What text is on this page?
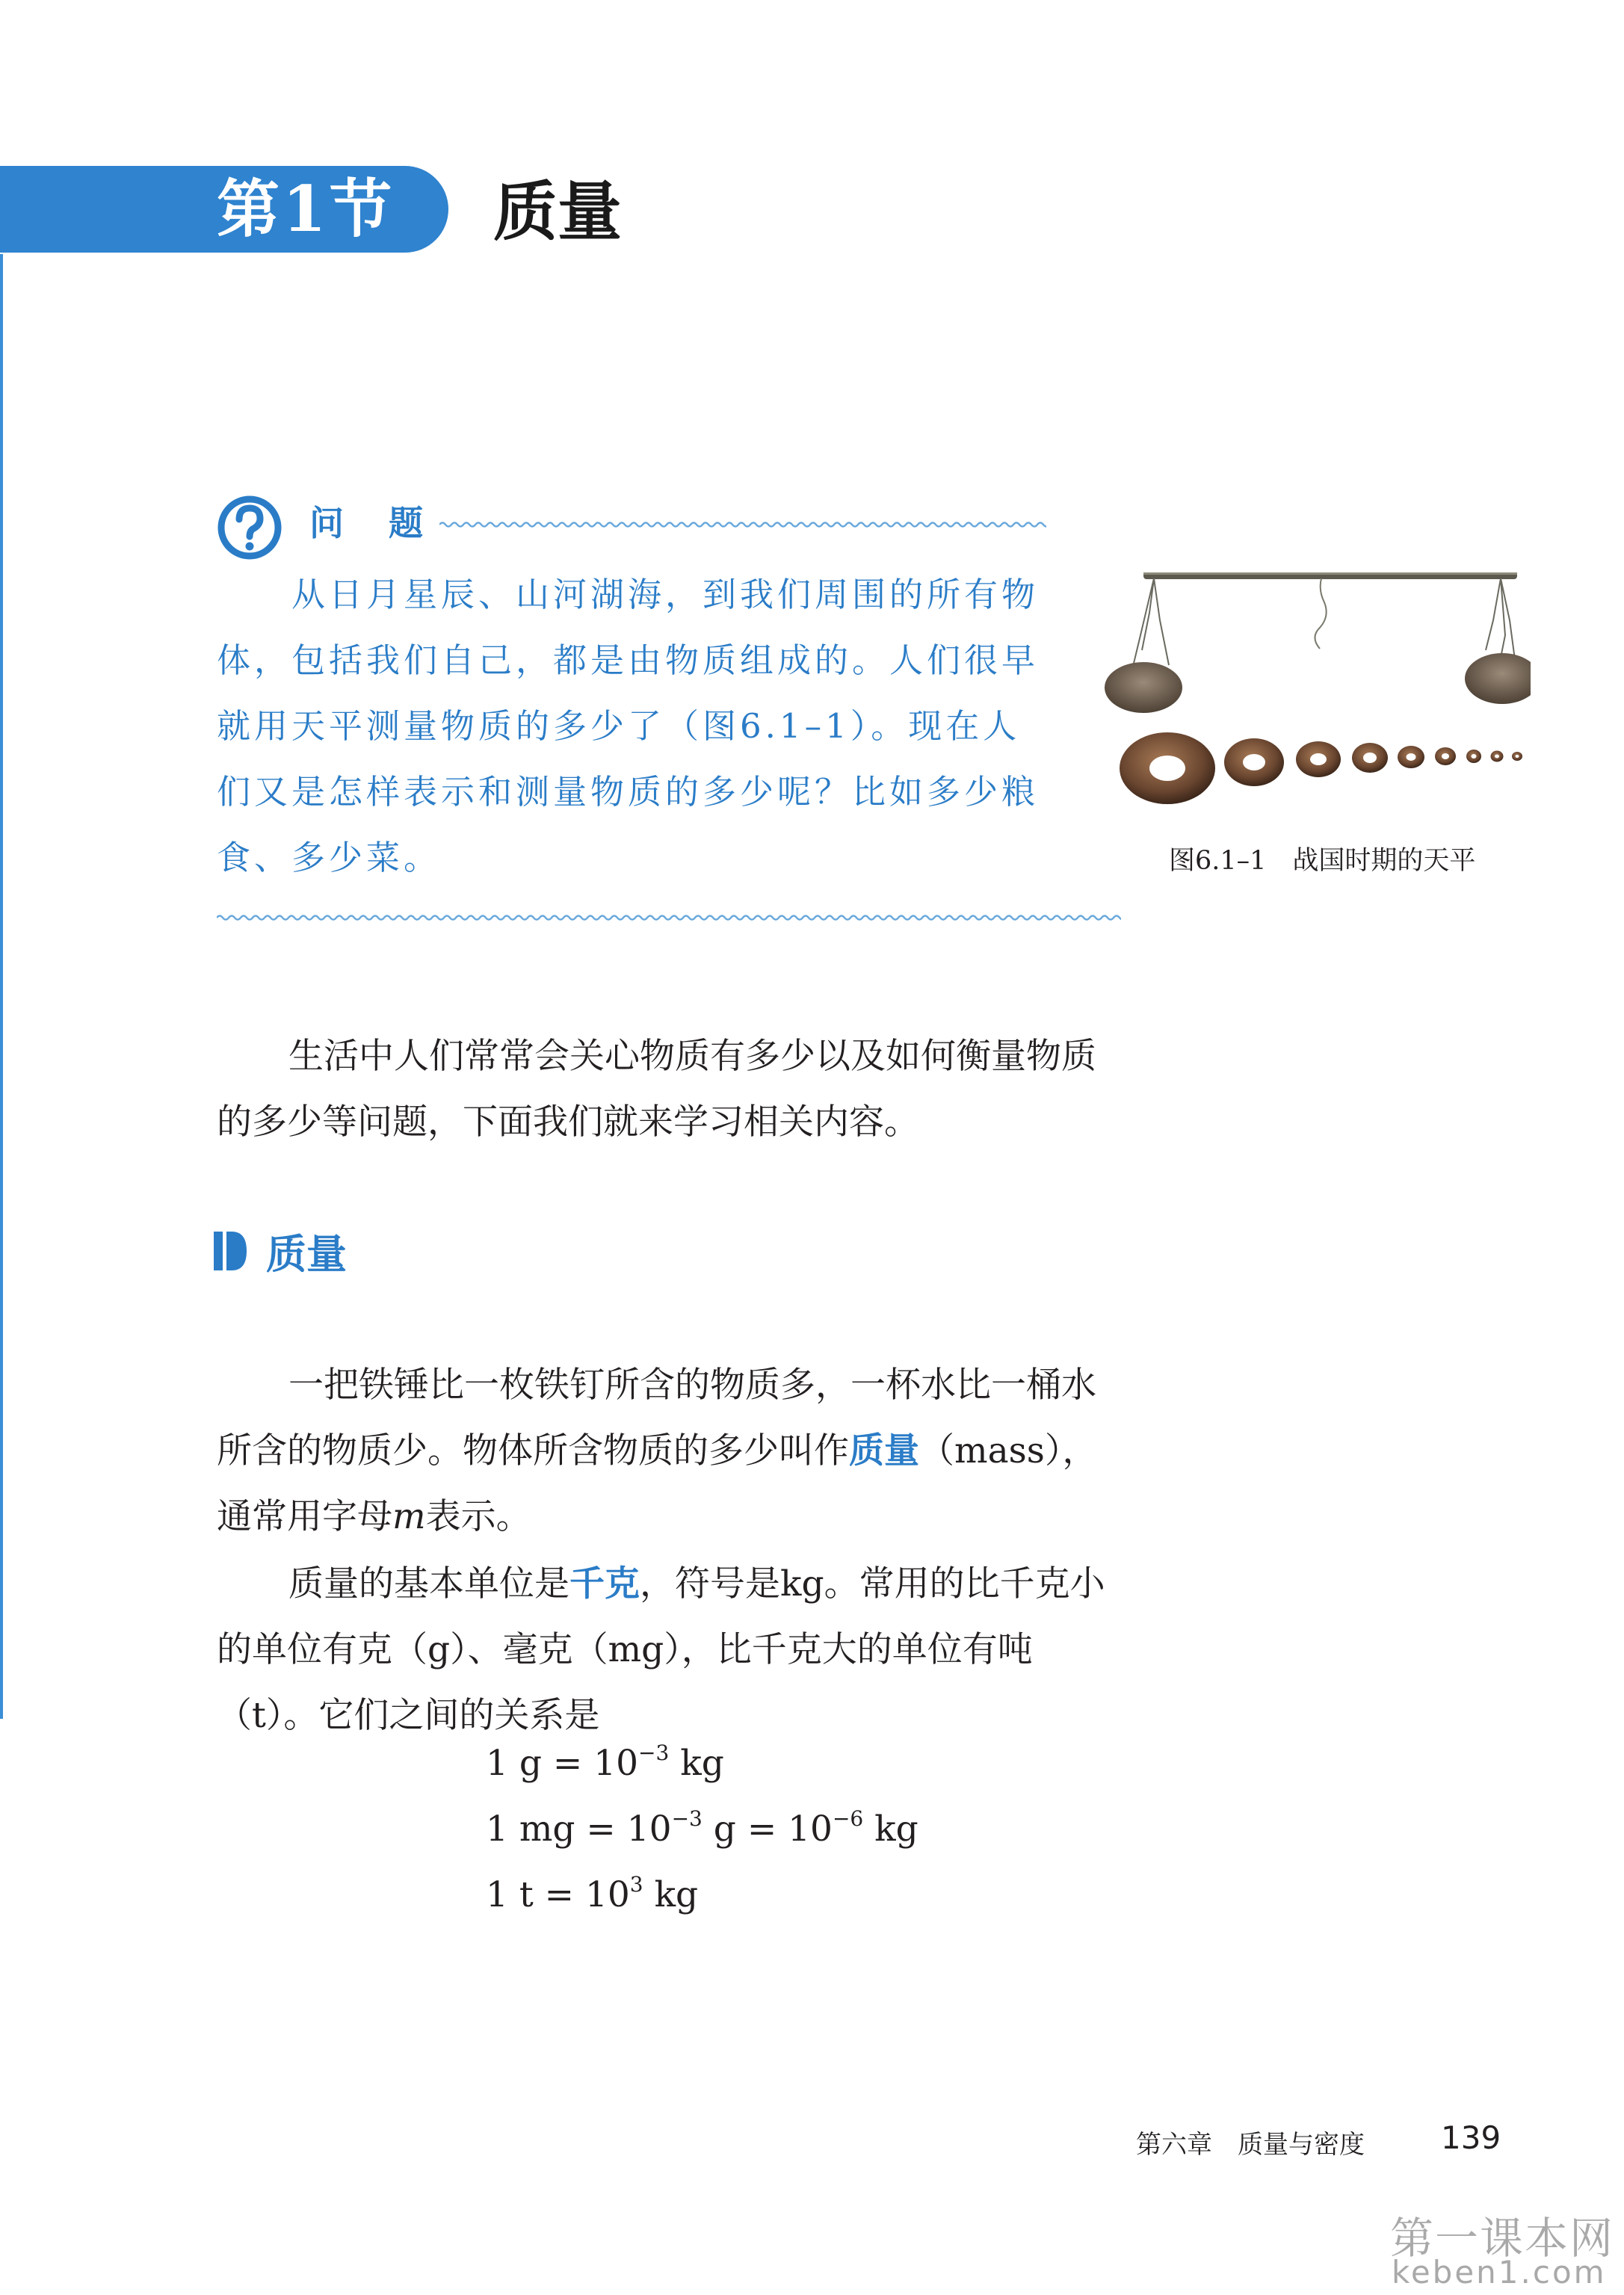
第1节 质量
问 题

从日月星辰、山河湖海，到我们周围的所有物体，包括我们自己，都是由物质组成的。人们很早就用天平测量物质的多少了（图6.1–1）。现在人们又是怎样表示和测量物质的多少呢？比如多少粮食、多少菜。	图6.1–1　战国时期的天平

生活中人们常常会关心物质有多少以及如何衡量物质的多少等问题，下面我们就来学习相关内容。

质量

一把铁锤比一枚铁钉所含的物质多，一杯水比一桶水所含的物质少。物体所含物质的多少叫作质量（mass），通常用字母m表示。

质量的基本单位是千克，符号是kg。常用的比千克小的单位有克（g）、毫克（mg），比千克大的单位有吨（t）。它们之间的关系是

1 $g = 10^{-3}$ kg
1 mg = $10^{-3}$ $g = 10^{-6}$ kg
1 $t = 10^3$ kg
第六章　质量与密度 139
第一课本网
keben1.com
